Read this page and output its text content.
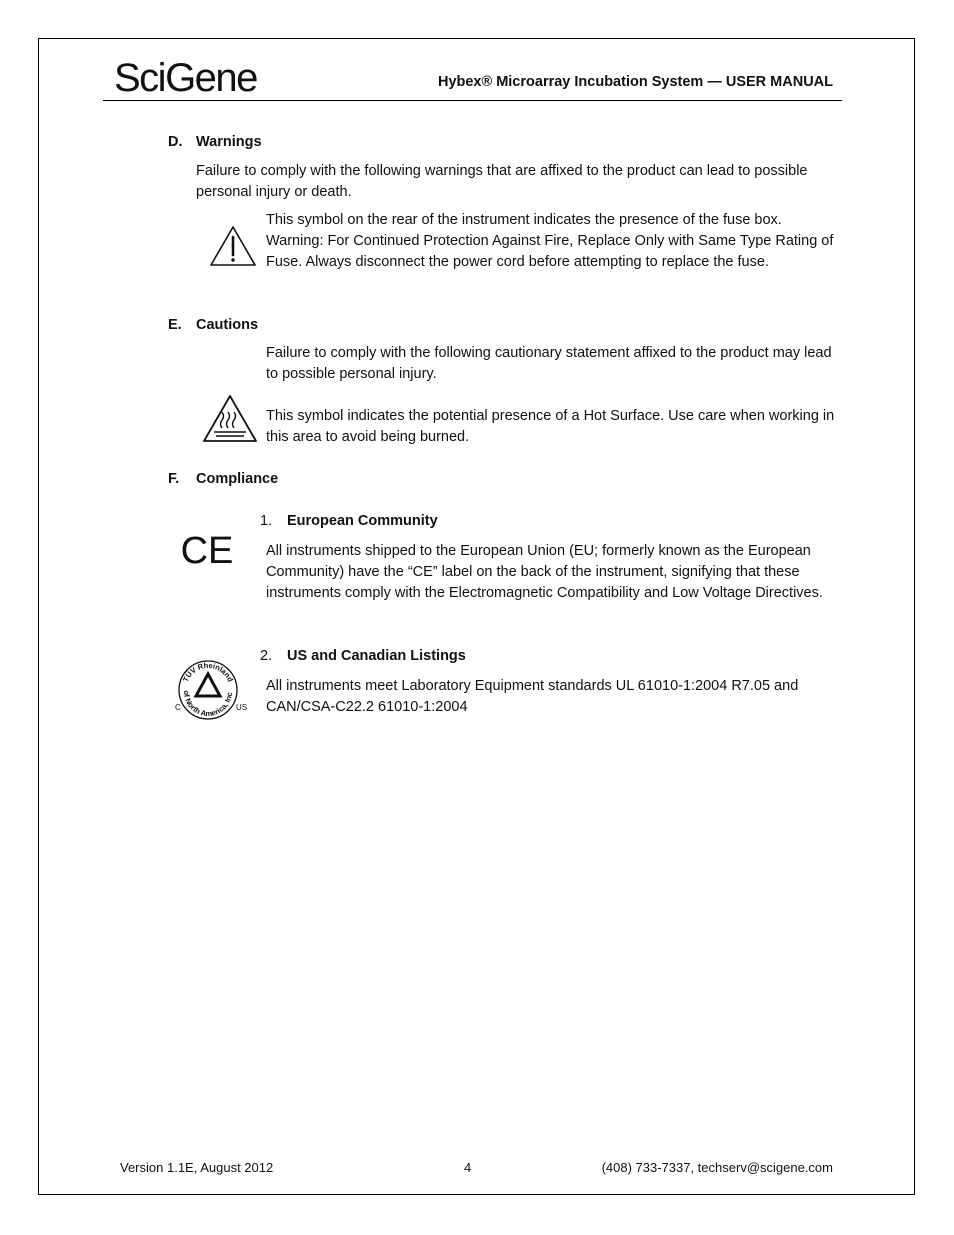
SciGene	Hybex® Microarray Incubation System — USER MANUAL
D. Warnings
Failure to comply with the following warnings that are affixed to the product can lead to possible personal injury or death.
This symbol on the rear of the instrument indicates the presence of the fuse box. Warning: For Continued Protection Against Fire, Replace Only with Same Type Rating of Fuse. Always disconnect the power cord before attempting to replace the fuse.
E. Cautions
Failure to comply with the following cautionary statement affixed to the product may lead to possible personal injury.
This symbol indicates the potential presence of a Hot Surface. Use care when working in this area to avoid being burned.
F. Compliance
1. European Community
CE All instruments shipped to the European Union (EU; formerly known as the European Community) have the “CE” label on the back of the instrument, signifying that these instruments comply with the Electromagnetic Compatibility and Low Voltage Directives.
2. US and Canadian Listings
TÜV Rheinland
of North America, Inc
C	US
All instruments meet Laboratory Equipment standards UL 61010-1:2004 R7.05 and CAN/CSA-C22.2 61010-1:2004
Version 1.1E, August 2012	4	(408) 733-7337, techserv@scigene.com
